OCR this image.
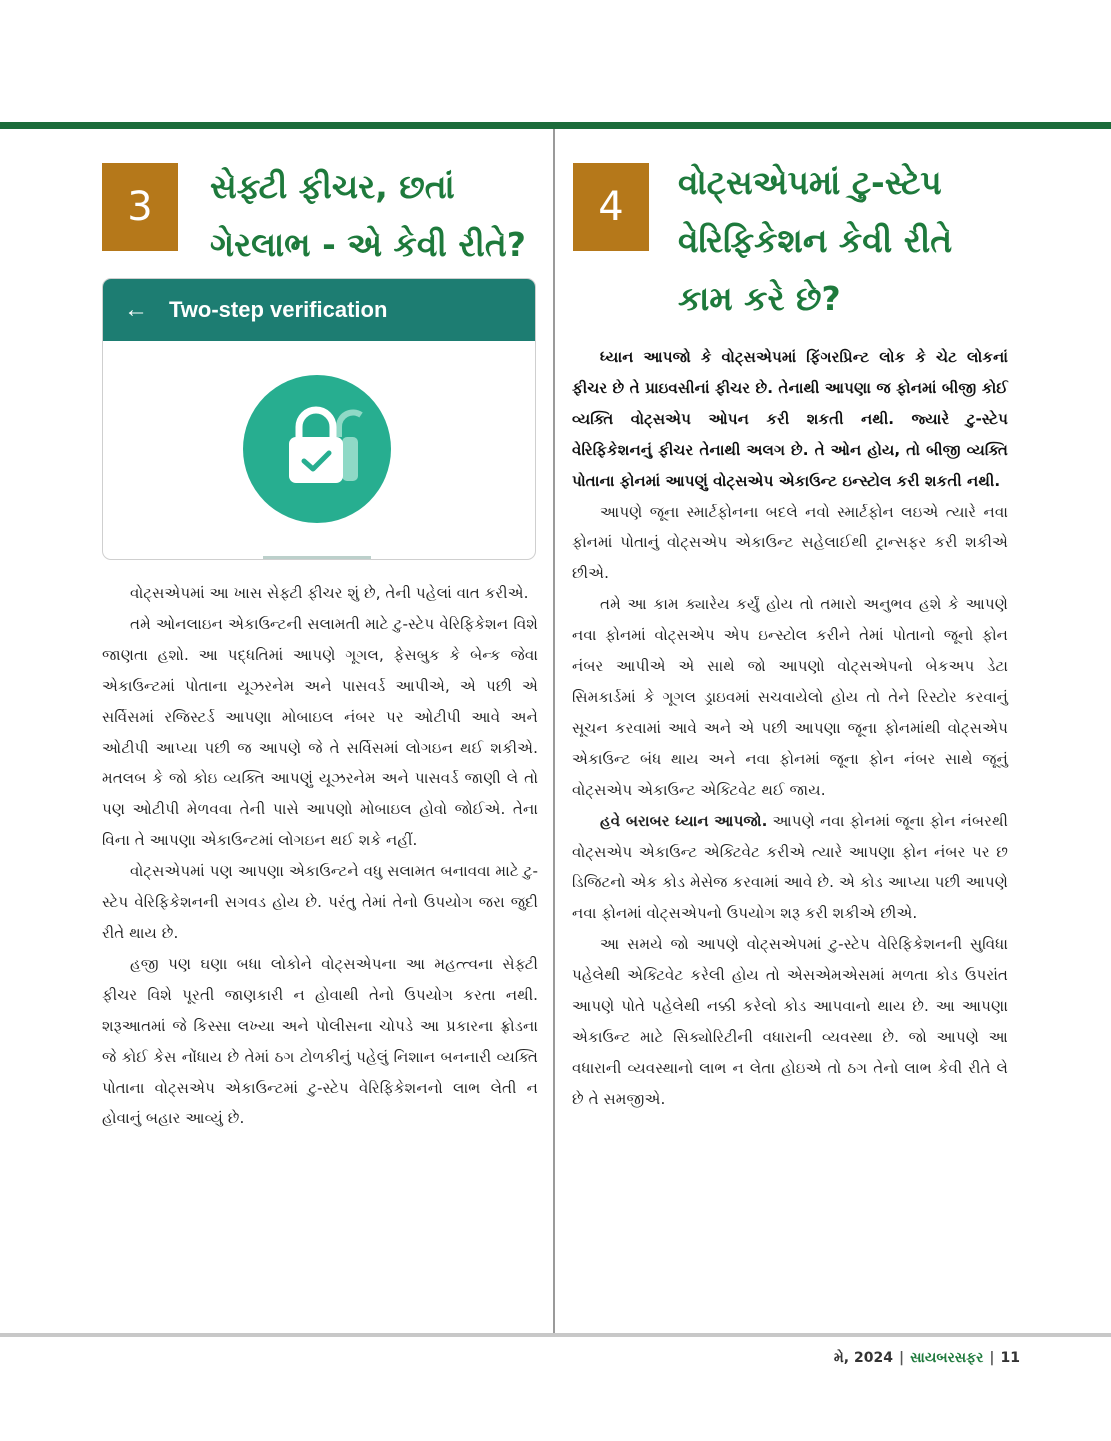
3	સેફ્ટી ફીચર, છતાં
ગેરલાભ - એ કેવી રીતે?
← Two-step verification

વોટ્સએપમાં આ ખાસ સેફ્ટી ફીચર શું છે, તેની પહેલાં વાત કરીએ.

તમે ઓનલાઇન એકાઉન્ટની સલામતી માટે ટુ-સ્ટેપ વેરિફિકેશન વિશે જાણતા હશો. આ પદ્ધતિમાં આપણે ગૂગલ, ફેસબુક કે બેન્ક જેવા એકાઉન્ટમાં પોતાના યૂઝરનેમ અને પાસવર્ડ આપીએ, એ પછી એ સર્વિસમાં રજિસ્ટર્ડ આપણા મોબાઇલ નંબર પર ઓટીપી આવે અને ઓટીપી આપ્યા પછી જ આપણે જે તે સર્વિસમાં લોગઇન થઈ શકીએ. મતલબ કે જો કોઇ વ્યક્તિ આપણું યૂઝરનેમ અને પાસવર્ડ જાણી લે તો પણ ઓટીપી મેળવવા તેની પાસે આપણો મોબાઇલ હોવો જોઈએ. તેના વિના તે આપણા એકાઉન્ટમાં લોગઇન થઈ શકે નહીં.

વોટ્સએપમાં પણ આપણા એકાઉન્ટને વધુ સલામત બનાવવા માટે ટુ-સ્ટેપ વેરિફિકેશનની સગવડ હોય છે. પરંતુ તેમાં તેનો ઉપયોગ જરા જુદી રીતે થાય છે.

હજી પણ ઘણા બધા લોકોને વોટ્સએપના આ મહત્ત્વના સેફ્ટી ફીચર વિશે પૂરતી જાણકારી ન હોવાથી તેનો ઉપયોગ કરતા નથી. શરૂઆતમાં જે કિસ્સા લખ્યા અને પોલીસના ચોપડે આ પ્રકારના ફ્રોડના જે કોઈ કેસ નોંધાય છે તેમાં ઠગ ટોળકીનું પહેલું નિશાન બનનારી વ્યક્તિ પોતાના વોટ્સએપ એકાઉન્ટમાં ટુ-સ્ટેપ વેરિફિકેશનનો લાભ લેતી ન હોવાનું બહાર આવ્યું છે.

4
વોટ્સએપમાં ટુ-સ્ટેપ
વેરિફિકેશન કેવી રીતે
કામ કરે છે?

ધ્યાન આપજો કે વોટ્સએપમાં ફિંગરપ્રિન્ટ લોક કે ચેટ લોકનાં ફીચર છે તે પ્રાઇવસીનાં ફીચર છે. તેનાથી આપણા જ ફોનમાં બીજી કોઈ વ્યક્તિ વોટ્સએપ ઓપન કરી શકતી નથી. જ્યારે ટુ-સ્ટેપ વેરિફિકેશનનું ફીચર તેનાથી અલગ છે. તે ઓન હોય, તો બીજી વ્યક્તિ પોતાના ફોનમાં આપણું વોટ્સએપ એકાઉન્ટ ઇન્સ્ટોલ કરી શકતી નથી.

આપણે જૂના સ્માર્ટફોનના બદલે નવો સ્માર્ટફોન લઇએ ત્યારે નવા ફોનમાં પોતાનું વોટ્સએપ એકાઉન્ટ સહેલાઈથી ટ્રાન્સફર કરી શકીએ છીએ.

તમે આ કામ ક્યારેય કર્યું હોય તો તમારો અનુભવ હશે કે આપણે નવા ફોનમાં વોટ્સએપ એપ ઇન્સ્ટોલ કરીને તેમાં પોતાનો જૂનો ફોન નંબર આપીએ એ સાથે જો આપણો વોટ્સએપનો બેકઅપ ડેટા સિમકાર્ડમાં કે ગૂગલ ડ્રાઇવમાં સચવાયેલો હોય તો તેને રિસ્ટોર કરવાનું સૂચન કરવામાં આવે અને એ પછી આપણા જૂના ફોનમાંથી વોટ્સએપ એકાઉન્ટ બંધ થાય અને નવા ફોનમાં જૂના ફોન નંબર સાથે જૂનું વોટ્સએપ એકાઉન્ટ એક્ટિવેટ થઈ જાય.

હવે બરાબર ધ્યાન આપજો. આપણે નવા ફોનમાં જૂના ફોન નંબરથી વોટ્સએપ એકાઉન્ટ એક્ટિવેટ કરીએ ત્યારે આપણા ફોન નંબર પર છ ડિજિટનો એક કોડ મેસેજ કરવામાં આવે છે. એ કોડ આપ્યા પછી આપણે નવા ફોનમાં વોટ્સએપનો ઉપયોગ શરૂ કરી શકીએ છીએ.

આ સમયે જો આપણે વોટ્સએપમાં ટુ-સ્ટેપ વેરિફિકેશનની સુવિધા પહેલેથી એક્ટિવેટ કરેલી હોય તો એસએમએસમાં મળતા કોડ ઉપરાંત આપણે પોતે પહેલેથી નક્કી કરેલો કોડ આપવાનો થાય છે. આ આપણા એકાઉન્ટ માટે સિક્યોરિટીની વધારાની વ્યવસ્થા છે. જો આપણે આ વધારાની વ્યવસ્થાનો લાભ ન લેતા હોઇએ તો ઠગ તેનો લાભ કેવી રીતે લે છે તે સમજીએ.

મે, 2024 | સાયબરસફર | 11
